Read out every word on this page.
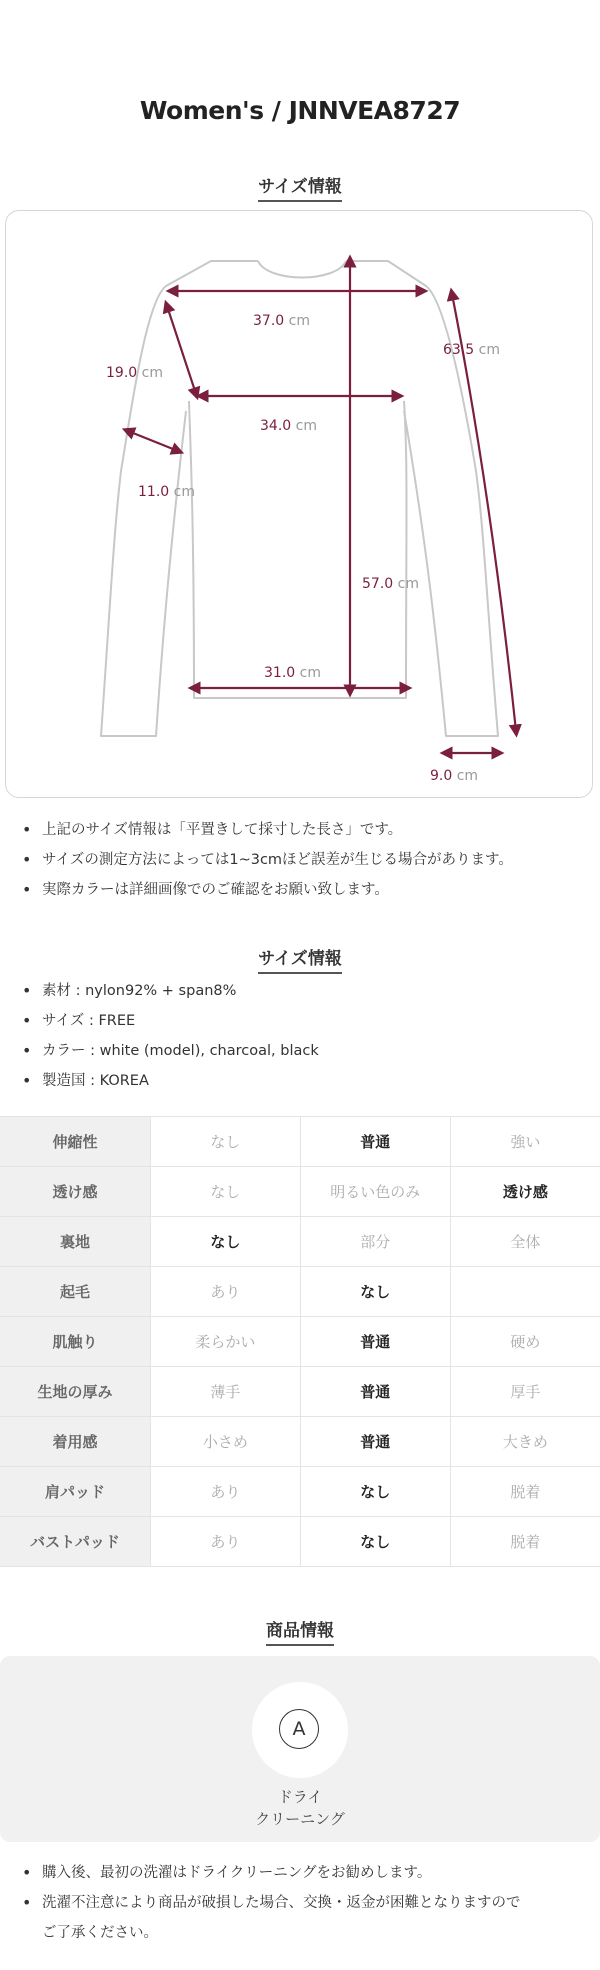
Women's / JNNVEA8727
サイズ情報
37.0 cm
19.0 cm
34.0 cm
11.0 cm
57.0 cm
31.0 cm
63.5 cm
9.0 cm
• 上記のサイズ情報は「平置きして採寸した長さ」です。
• サイズの測定方法によっては1~3cmほど誤差が生じる場合があります。
• 実際カラーは詳細画像でのご確認をお願い致します。
サイズ情報
• 素材 : nylon92% + span8%
• サイズ : FREE
• カラー : white (model), charcoal, black
• 製造国 : KOREA
伸縮性	なし	普通	強い
透け感	なし	明るい色のみ	透け感
裏地	なし	部分	全体
起毛	あり	なし	
肌触り	柔らかい	普通	硬め
生地の厚み	薄手	普通	厚手
着用感	小さめ	普通	大きめ
肩パッド	あり	なし	脱着
バストパッド	あり	なし	脱着
商品情報
A
ドライ
クリーニング
• 購入後、最初の洗濯はドライクリーニングをお勧めします。
• 洗濯不注意により商品が破損した場合、交換・返金が困難となりますので
ご了承ください。
